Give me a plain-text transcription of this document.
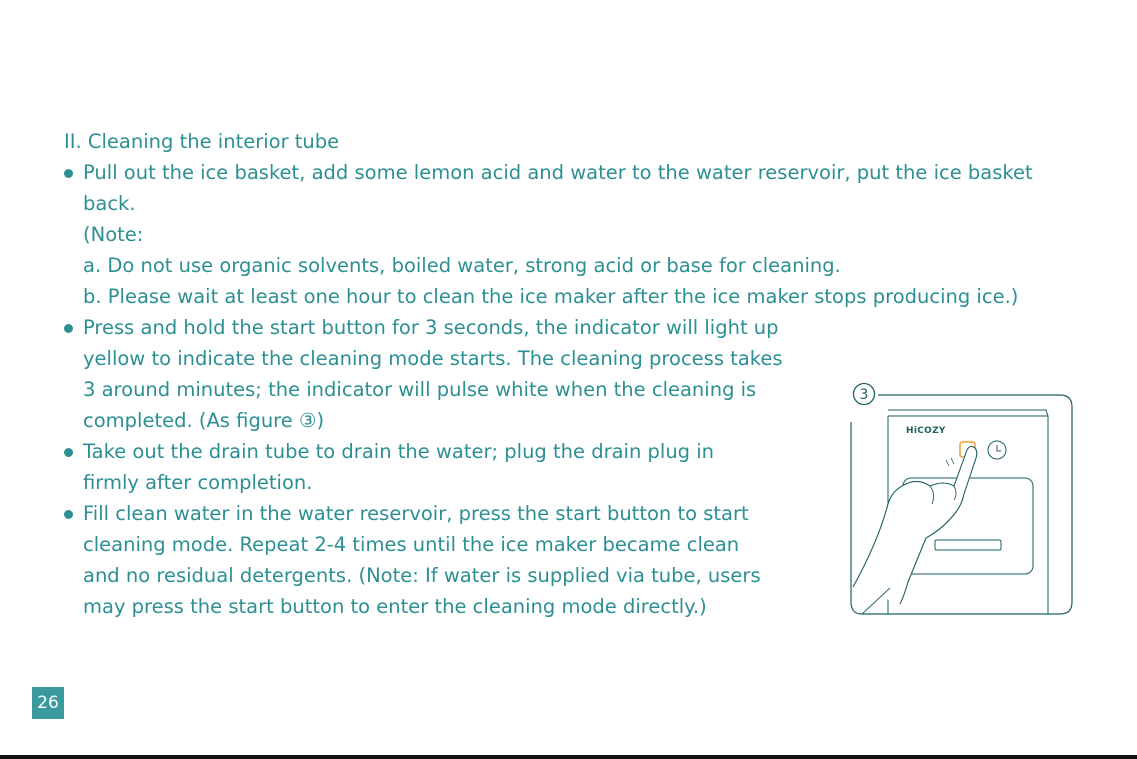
II. Cleaning the interior tube
Pull out the ice basket, add some lemon acid and water to the water reservoir, put the ice basket
back.
(Note:
a. Do not use organic solvents, boiled water, strong acid or base for cleaning.
b. Please wait at least one hour to clean the ice maker after the ice maker stops producing ice.)
Press and hold the start button for 3 seconds, the indicator will light up
yellow to indicate the cleaning mode starts. The cleaning process takes
3 around minutes; the indicator will pulse white when the cleaning is
completed. (As figure ③)
Take out the drain tube to drain the water; plug the drain plug in
firmly after completion.
Fill clean water in the water reservoir, press the start button to start
cleaning mode. Repeat 2-4 times until the ice maker became clean
and no residual detergents. (Note: If water is supplied via tube, users
may press the start button to enter the cleaning mode directly.)
3
HiCOZY
26
